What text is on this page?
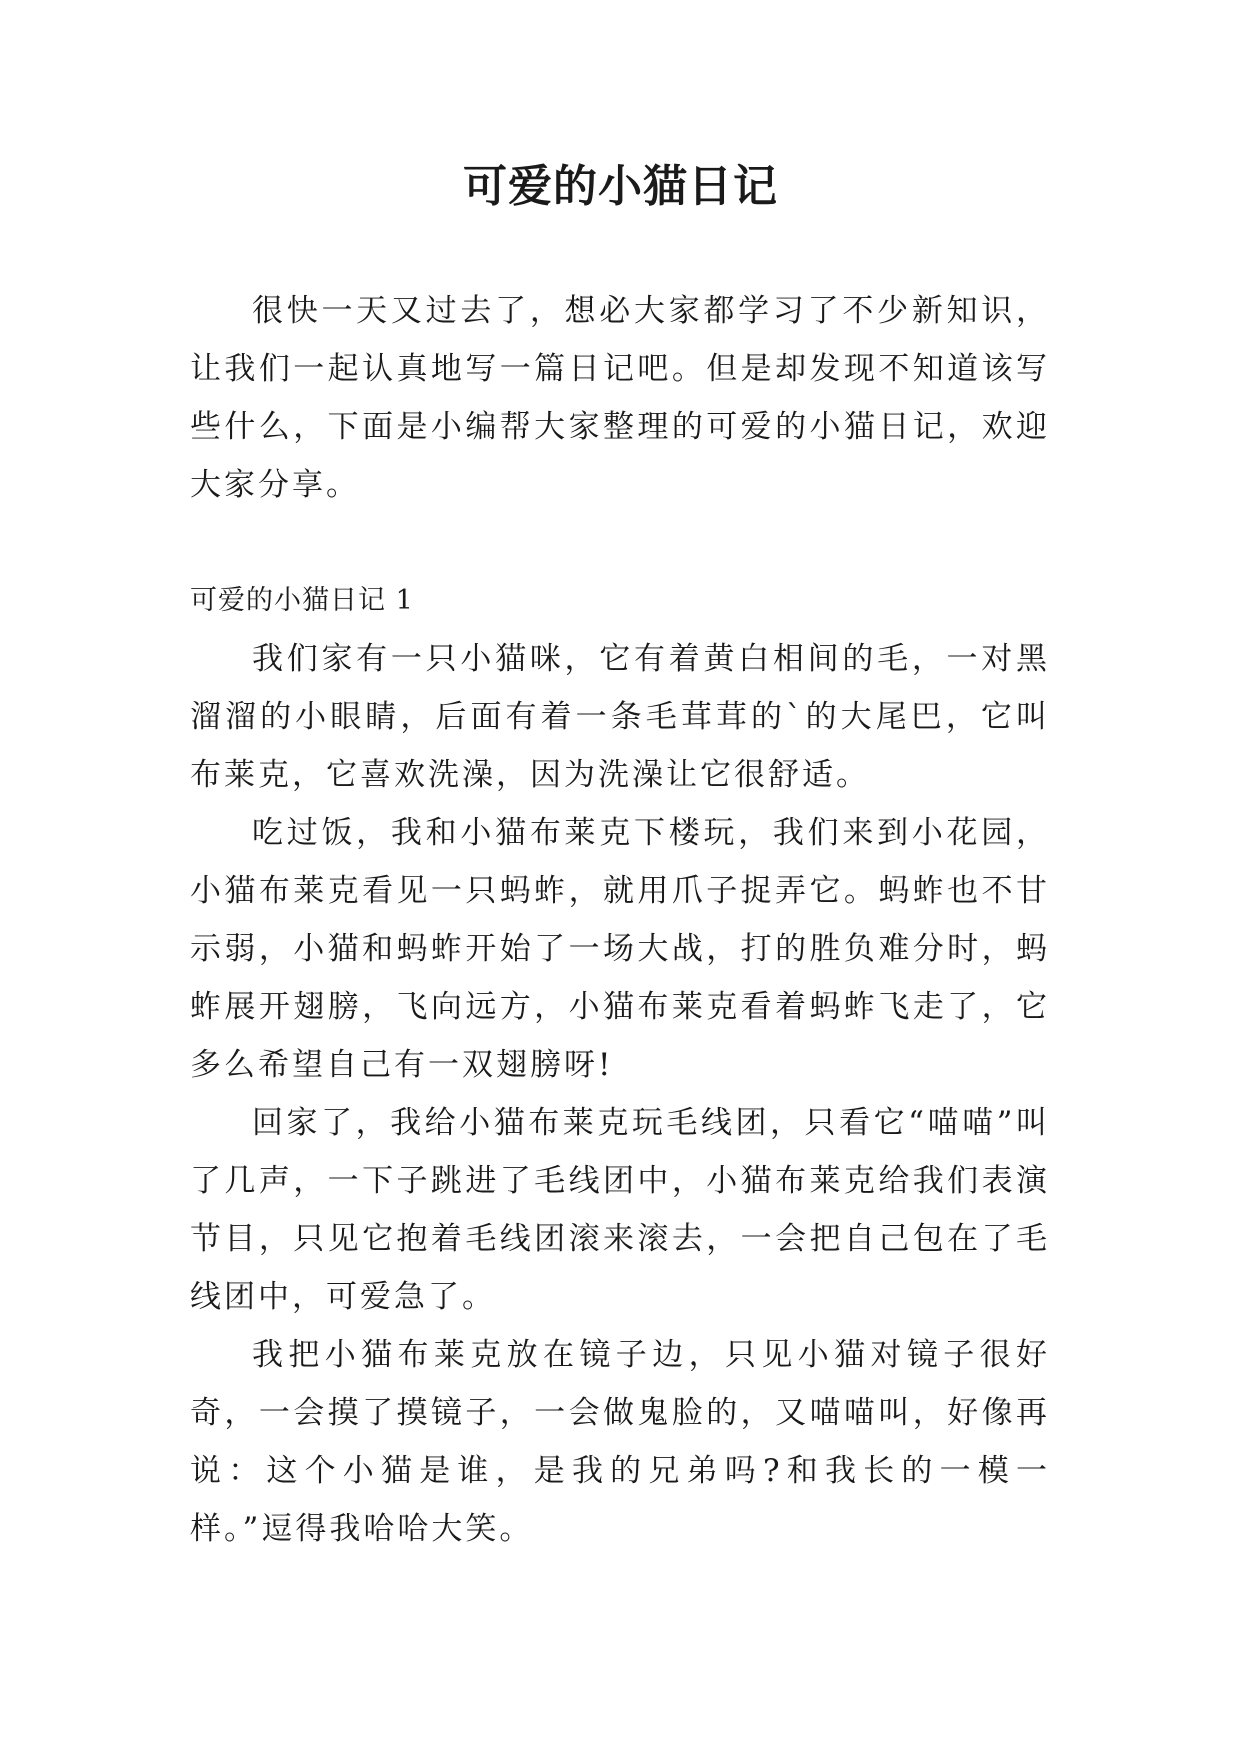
可爱的小猫日记

很快一天又过去了，想必大家都学习了不少新知识，让我们一起认真地写一篇日记吧。但是却发现不知道该写些什么，下面是小编帮大家整理的可爱的小猫日记，欢迎大家分享。

可爱的小猫日记 1

我们家有一只小猫咪，它有着黄白相间的毛，一对黑溜溜的小眼睛，后面有着一条毛茸茸的`的大尾巴，它叫布莱克，它喜欢洗澡，因为洗澡让它很舒适。

吃过饭，我和小猫布莱克下楼玩，我们来到小花园，小猫布莱克看见一只蚂蚱，就用爪子捉弄它。蚂蚱也不甘示弱，小猫和蚂蚱开始了一场大战，打的胜负难分时，蚂蚱展开翅膀，飞向远方，小猫布莱克看着蚂蚱飞走了，它多么希望自己有一双翅膀呀!

回家了，我给小猫布莱克玩毛线团，只看它“喵喵”叫了几声，一下子跳进了毛线团中，小猫布莱克给我们表演节目，只见它抱着毛线团滚来滚去，一会把自己包在了毛线团中，可爱急了。

我把小猫布莱克放在镜子边，只见小猫对镜子很好奇，一会摸了摸镜子，一会做鬼脸的，又喵喵叫，好像再说：这个小猫是谁，是我的兄弟吗?和我长的一模一样。”逗得我哈哈大笑。
